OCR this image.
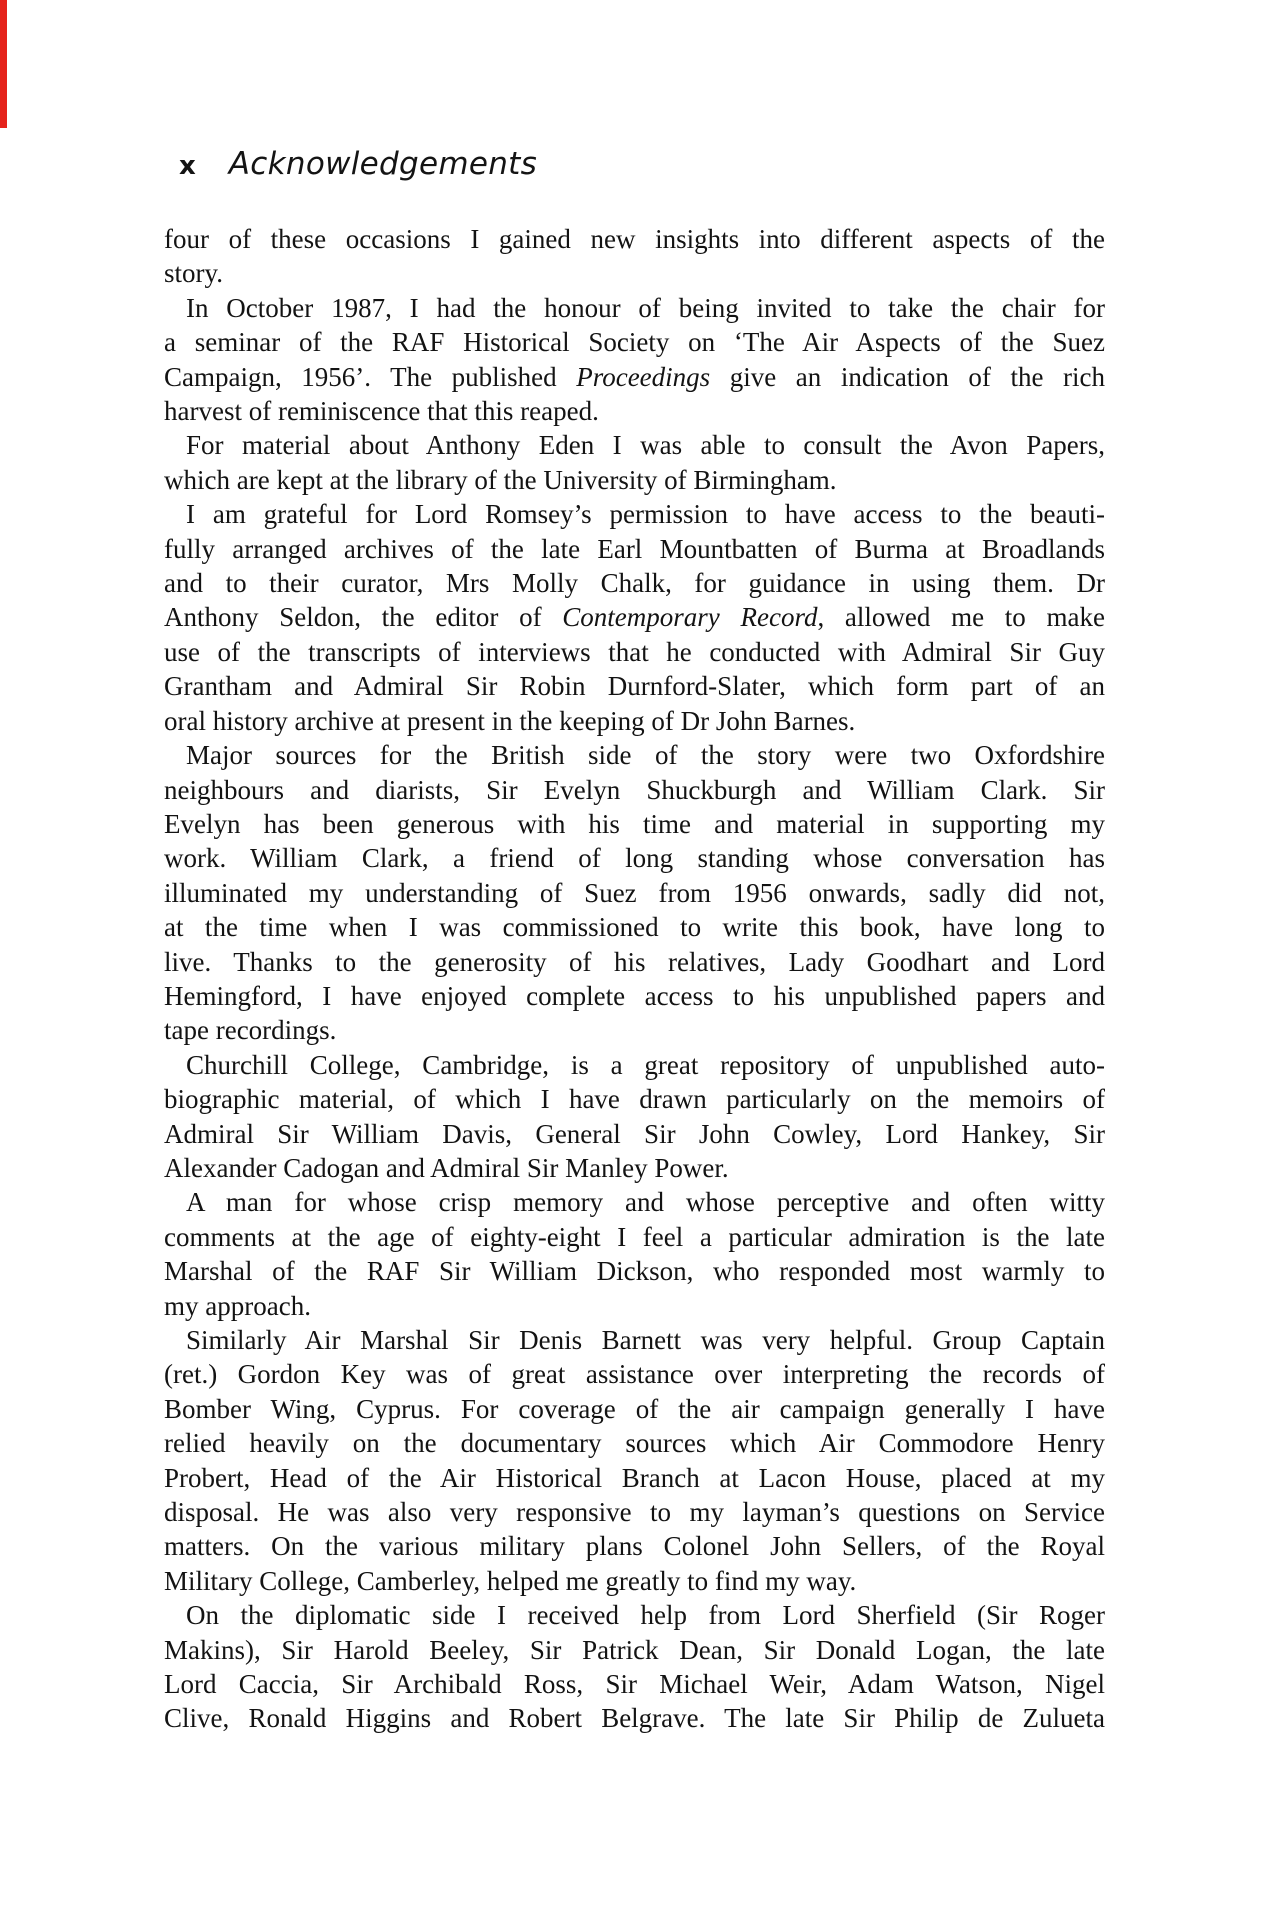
x Acknowledgements
four of these occasions I gained new insights into different aspects of the
story.
In October 1987, I had the honour of being invited to take the chair for
a seminar of the RAF Historical Society on ‘The Air Aspects of the Suez
Campaign, 1956’. The published Proceedings give an indication of the rich
harvest of reminiscence that this reaped.
For material about Anthony Eden I was able to consult the Avon Papers,
which are kept at the library of the University of Birmingham.
I am grateful for Lord Romsey’s permission to have access to the beauti-
fully arranged archives of the late Earl Mountbatten of Burma at Broadlands
and to their curator, Mrs Molly Chalk, for guidance in using them. Dr
Anthony Seldon, the editor of Contemporary Record, allowed me to make
use of the transcripts of interviews that he conducted with Admiral Sir Guy
Grantham and Admiral Sir Robin Durnford-Slater, which form part of an
oral history archive at present in the keeping of Dr John Barnes.
Major sources for the British side of the story were two Oxfordshire
neighbours and diarists, Sir Evelyn Shuckburgh and William Clark. Sir
Evelyn has been generous with his time and material in supporting my
work. William Clark, a friend of long standing whose conversation has
illuminated my understanding of Suez from 1956 onwards, sadly did not,
at the time when I was commissioned to write this book, have long to
live. Thanks to the generosity of his relatives, Lady Goodhart and Lord
Hemingford, I have enjoyed complete access to his unpublished papers and
tape recordings.
Churchill College, Cambridge, is a great repository of unpublished auto-
biographic material, of which I have drawn particularly on the memoirs of
Admiral Sir William Davis, General Sir John Cowley, Lord Hankey, Sir
Alexander Cadogan and Admiral Sir Manley Power.
A man for whose crisp memory and whose perceptive and often witty
comments at the age of eighty-eight I feel a particular admiration is the late
Marshal of the RAF Sir William Dickson, who responded most warmly to
my approach.
Similarly Air Marshal Sir Denis Barnett was very helpful. Group Captain
(ret.) Gordon Key was of great assistance over interpreting the records of
Bomber Wing, Cyprus. For coverage of the air campaign generally I have
relied heavily on the documentary sources which Air Commodore Henry
Probert, Head of the Air Historical Branch at Lacon House, placed at my
disposal. He was also very responsive to my layman’s questions on Service
matters. On the various military plans Colonel John Sellers, of the Royal
Military College, Camberley, helped me greatly to find my way.
On the diplomatic side I received help from Lord Sherfield (Sir Roger
Makins), Sir Harold Beeley, Sir Patrick Dean, Sir Donald Logan, the late
Lord Caccia, Sir Archibald Ross, Sir Michael Weir, Adam Watson, Nigel
Clive, Ronald Higgins and Robert Belgrave. The late Sir Philip de Zulueta
